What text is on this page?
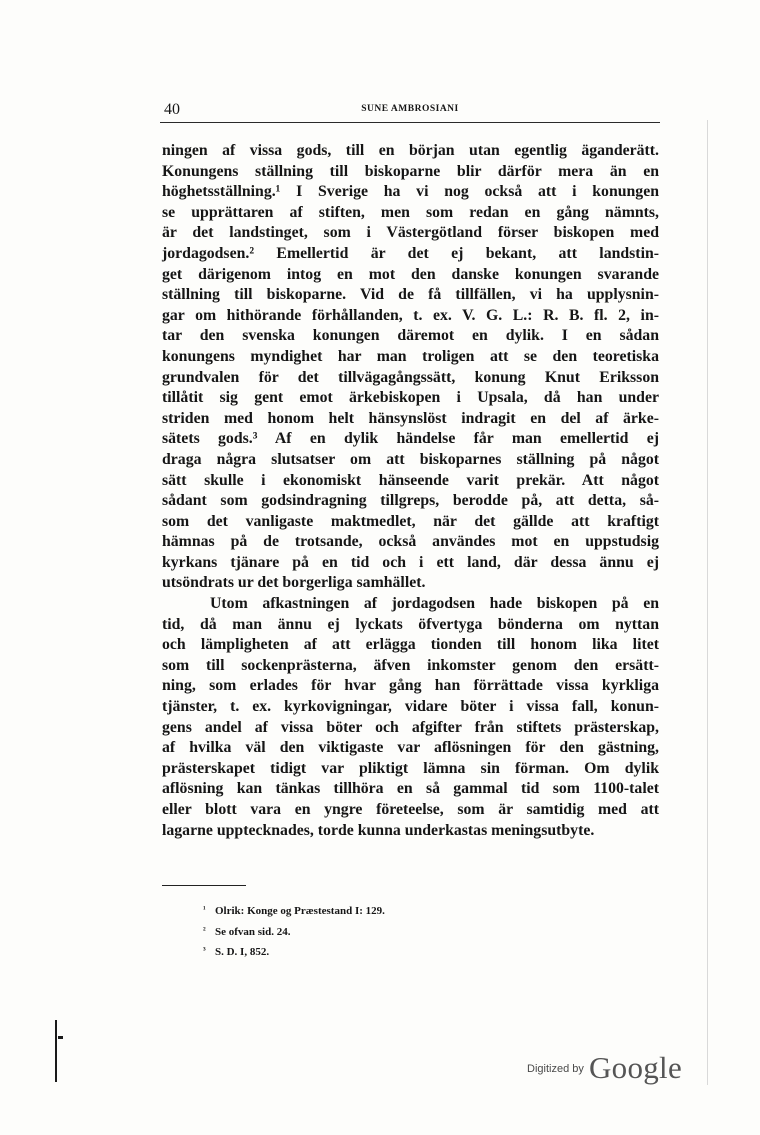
40	SUNE AMBROSIANI
ningen af vissa gods, till en början utan egentlig äganderätt.
Konungens ställning till biskoparne blir därför mera än en
höghetsställning.¹ I Sverige ha vi nog också att i konungen
se upprättaren af stiften, men som redan en gång nämnts,
är det landstinget, som i Västergötland förser biskopen med
jordagodsen.² Emellertid är det ej bekant, att landstin-
get därigenom intog en mot den danske konungen svarande
ställning till biskoparne. Vid de få tillfällen, vi ha upplysnin-
gar om hithörande förhållanden, t. ex. V. G. L.: R. B. fl. 2, in-
tar den svenska konungen däremot en dylik. I en sådan
konungens myndighet har man troligen att se den teoretiska
grundvalen för det tillvägagångssätt, konung Knut Eriksson
tillåtit sig gent emot ärkebiskopen i Upsala, då han under
striden med honom helt hänsynslöst indragit en del af ärke-
sätets gods.³ Af en dylik händelse får man emellertid ej
draga några slutsatser om att biskoparnes ställning på något
sätt skulle i ekonomiskt hänseende varit prekär. Att något
sådant som godsindragning tillgreps, berodde på, att detta, så-
som det vanligaste maktmedlet, när det gällde att kraftigt
hämnas på de trotsande, också användes mot en uppstudsig
kyrkans tjänare på en tid och i ett land, där dessa ännu ej
utsöndrats ur det borgerliga samhället.
Utom afkastningen af jordagodsen hade biskopen på en
tid, då man ännu ej lyckats öfvertyga bönderna om nyttan
och lämpligheten af att erlägga tionden till honom lika litet
som till sockenprästerna, äfven inkomster genom den ersätt-
ning, som erlades för hvar gång han förrättade vissa kyrkliga
tjänster, t. ex. kyrkovigningar, vidare böter i vissa fall, konun-
gens andel af vissa böter och afgifter från stiftets prästerskap,
af hvilka väl den viktigaste var aflösningen för den gästning,
prästerskapet tidigt var pliktigt lämna sin förman. Om dylik
aflösning kan tänkas tillhöra en så gammal tid som 1100-talet
eller blott vara en yngre företeelse, som är samtidig med att
lagarne upptecknades, torde kunna underkastas meningsutbyte.
¹ Olrik: Konge og Præstestand I: 129.
² Se ofvan sid. 24.
³ S. D. I, 852.
Digitized by Google
